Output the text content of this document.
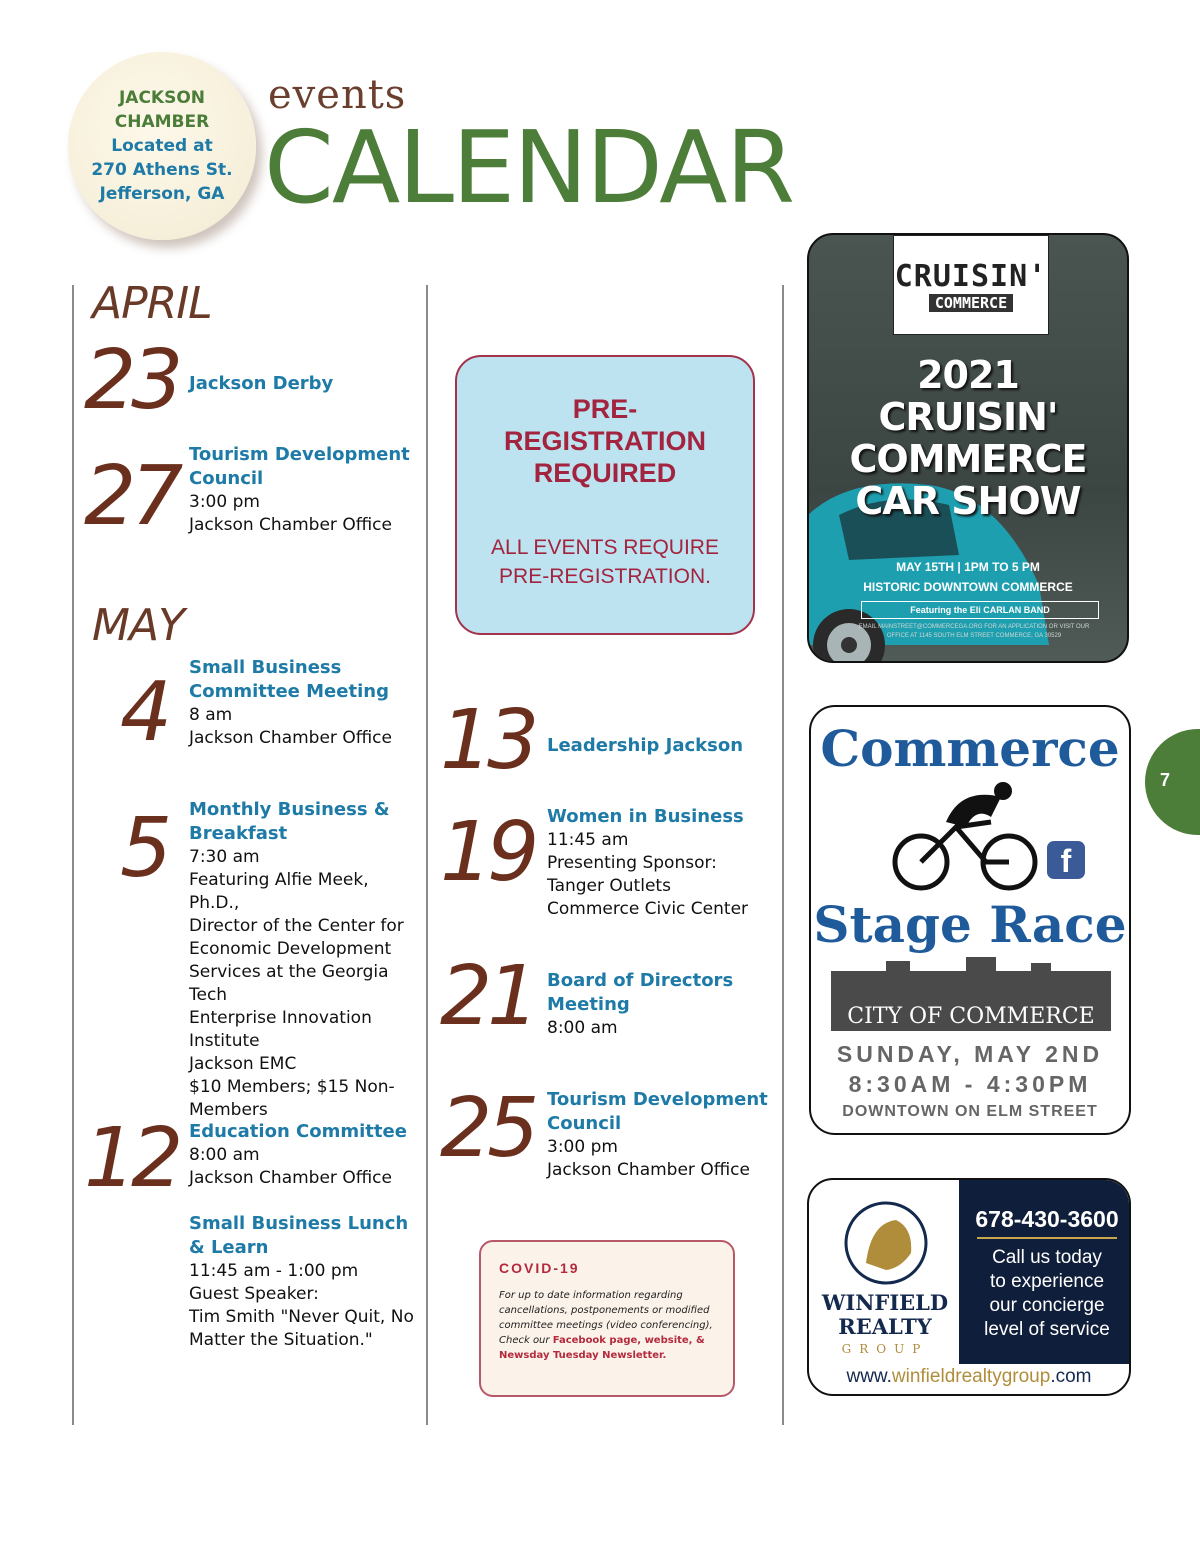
JACKSON
CHAMBER
Located at
270 Athens St.
Jefferson, GA
events
CALENDAR
APRIL
23 Jackson Derby
27 Tourism Development Council
3:00 pm
Jackson Chamber Office
MAY
4 Small Business Committee Meeting
8 am
Jackson Chamber Office
5 Monthly Business & Breakfast
7:30 am
Featuring Alfie Meek, Ph.D.,
Director of the Center for
Economic Development
Services at the Georgia Tech
Enterprise Innovation
Institute
Jackson EMC
$10 Members; $15 Non-
Members
12 Education Committee
8:00 am
Jackson Chamber Office
Small Business Lunch & Learn
11:45 am - 1:00 pm
Guest Speaker:
Tim Smith "Never Quit, No
Matter the Situation."
PRE-
REGISTRATION
REQUIRED
ALL EVENTS REQUIRE
PRE-REGISTRATION.
13 Leadership Jackson
19 Women in Business
11:45 am
Presenting Sponsor:
Tanger Outlets
Commerce Civic Center
21 Board of Directors Meeting
8:00 am
25 Tourism Development Council
3:00 pm
Jackson Chamber Office
COVID-19
For up to date information regarding cancellations, postponements or modified committee meetings (video conferencing), Check our Facebook page, website, & Newsday Tuesday Newsletter.
CRUISIN'
COMMERCE
2021
CRUISIN'
COMMERCE
CAR SHOW
MAY 15TH | 1PM TO 5 PM
HISTORIC DOWNTOWN COMMERCE
Featuring the Eli CARLAN BAND
EMAIL MAINSTREET@COMMERCEGA.ORG FOR AN APPLICATION OR VISIT OUR OFFICE AT 1145 SOUTH ELM STREET COMMERCE, GA 30529
Commerce
f
Stage Race
CITY OF COMMERCE
SUNDAY, MAY 2ND
8:30AM - 4:30PM
DOWNTOWN ON ELM STREET
WINFIELD
REALTY
GROUP
678-430-3600
Call us today
to experience
our concierge
level of service
www.winfieldrealtygroup.com
7
